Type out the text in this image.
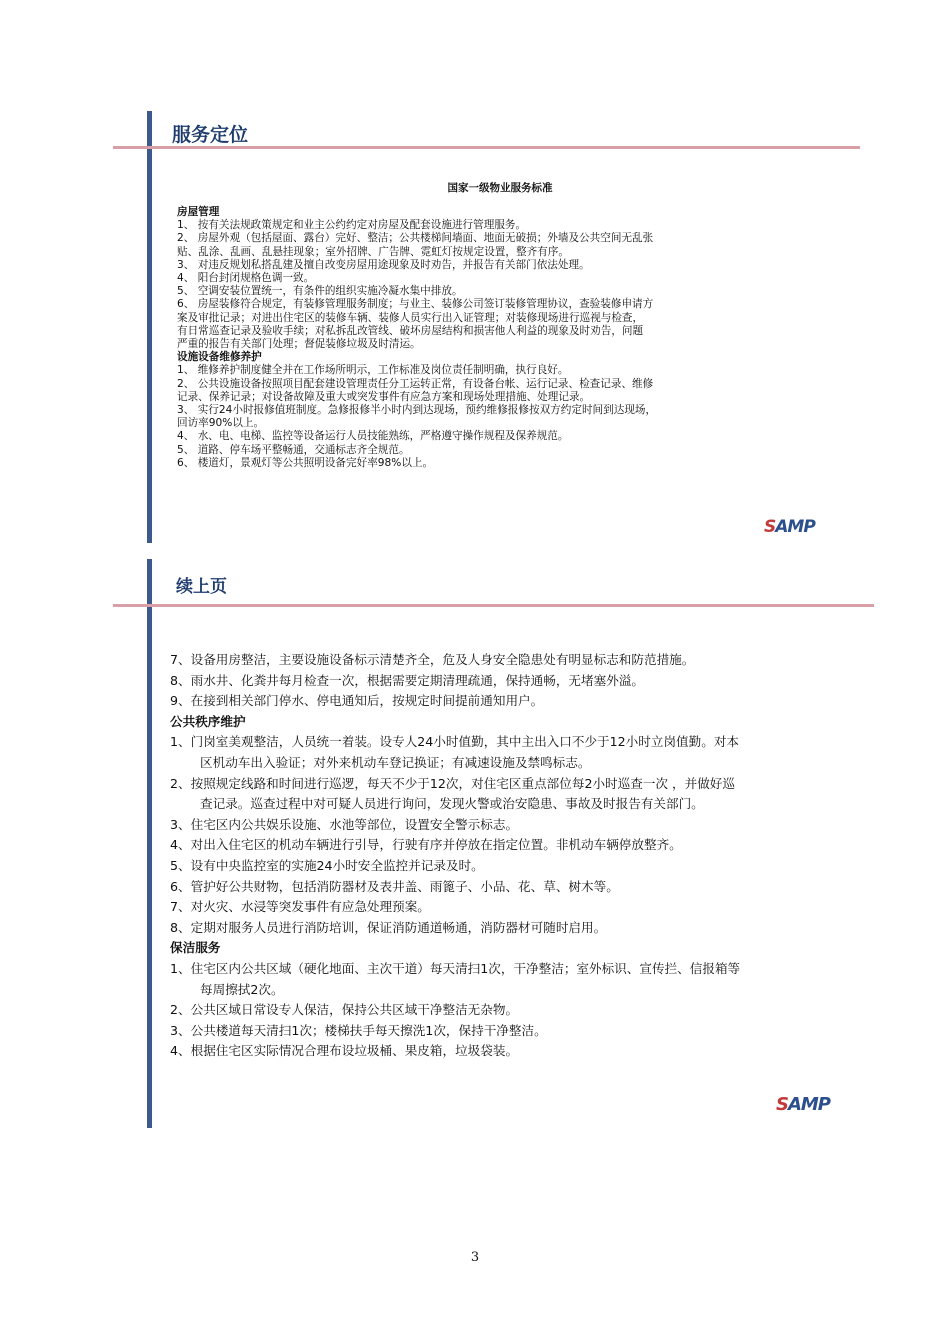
服务定位
国家一级物业服务标准
房屋管理
1、 按有关法规政策规定和业主公约约定对房屋及配套设施进行管理服务。
2、 房屋外观（包括屋面、露台）完好、整洁；公共楼梯间墙面、地面无破损；外墙及公共空间无乱张
贴、乱涂、乱画、乱悬挂现象；室外招牌、广告牌、霓虹灯按规定设置，整齐有序。
3、 对违反规划私搭乱建及擅自改变房屋用途现象及时劝告，并报告有关部门依法处理。
4、 阳台封闭规格色调一致。
5、 空调安装位置统一，有条件的组织实施冷凝水集中排放。
6、 房屋装修符合规定，有装修管理服务制度；与业主、装修公司签订装修管理协议，查验装修申请方
案及审批记录；对进出住宅区的装修车辆、装修人员实行出入证管理；对装修现场进行巡视与检查，
有日常巡查记录及验收手续；对私拆乱改管线、破坏房屋结构和损害他人利益的现象及时劝告，问题
严重的报告有关部门处理；督促装修垃圾及时清运。
设施设备维修养护
1、 维修养护制度健全并在工作场所明示，工作标准及岗位责任制明确，执行良好。
2、 公共设施设备按照项目配套建设管理责任分工运转正常，有设备台帐、运行记录、检查记录、维修
记录、保养记录；对设备故障及重大或突发事件有应急方案和现场处理措施、处理记录。
3、 实行24小时报修值班制度。急修报修半小时内到达现场，预约维修报修按双方约定时间到达现场，
回访率90%以上。
4、 水、电、电梯、监控等设备运行人员技能熟练，严格遵守操作规程及保养规范。
5、 道路、停车场平整畅通，交通标志齐全规范。
6、 楼道灯，景观灯等公共照明设备完好率98%以上。
SAMP
续上页
7、设备用房整洁，主要设施设备标示清楚齐全，危及人身安全隐患处有明显标志和防范措施。
8、雨水井、化粪井每月检查一次，根据需要定期清理疏通，保持通畅，无堵塞外溢。
9、在接到相关部门停水、停电通知后，按规定时间提前通知用户。
公共秩序维护
1、门岗室美观整洁，人员统一着装。设专人24小时值勤，其中主出入口不少于12小时立岗值勤。对本
区机动车出入验证；对外来机动车登记换证；有减速设施及禁鸣标志。
2、按照规定线路和时间进行巡逻，每天不少于12次，对住宅区重点部位每2小时巡查一次 ，并做好巡
查记录。巡查过程中对可疑人员进行询问，发现火警或治安隐患、事故及时报告有关部门。
3、住宅区内公共娱乐设施、水池等部位，设置安全警示标志。
4、对出入住宅区的机动车辆进行引导，行驶有序并停放在指定位置。非机动车辆停放整齐。
5、设有中央监控室的实施24小时安全监控并记录及时。
6、管护好公共财物，包括消防器材及表井盖、雨篦子、小品、花、草、树木等。
7、对火灾、水浸等突发事件有应急处理预案。
8、定期对服务人员进行消防培训，保证消防通道畅通，消防器材可随时启用。
保洁服务
1、住宅区内公共区域（硬化地面、主次干道）每天清扫1次，干净整洁；室外标识、宣传拦、信报箱等
每周擦拭2次。
2、公共区域日常设专人保洁，保持公共区域干净整洁无杂物。
3、公共楼道每天清扫1次；楼梯扶手每天擦洗1次，保持干净整洁。
4、根据住宅区实际情况合理布设垃圾桶、果皮箱，垃圾袋装。
SAMP
3
